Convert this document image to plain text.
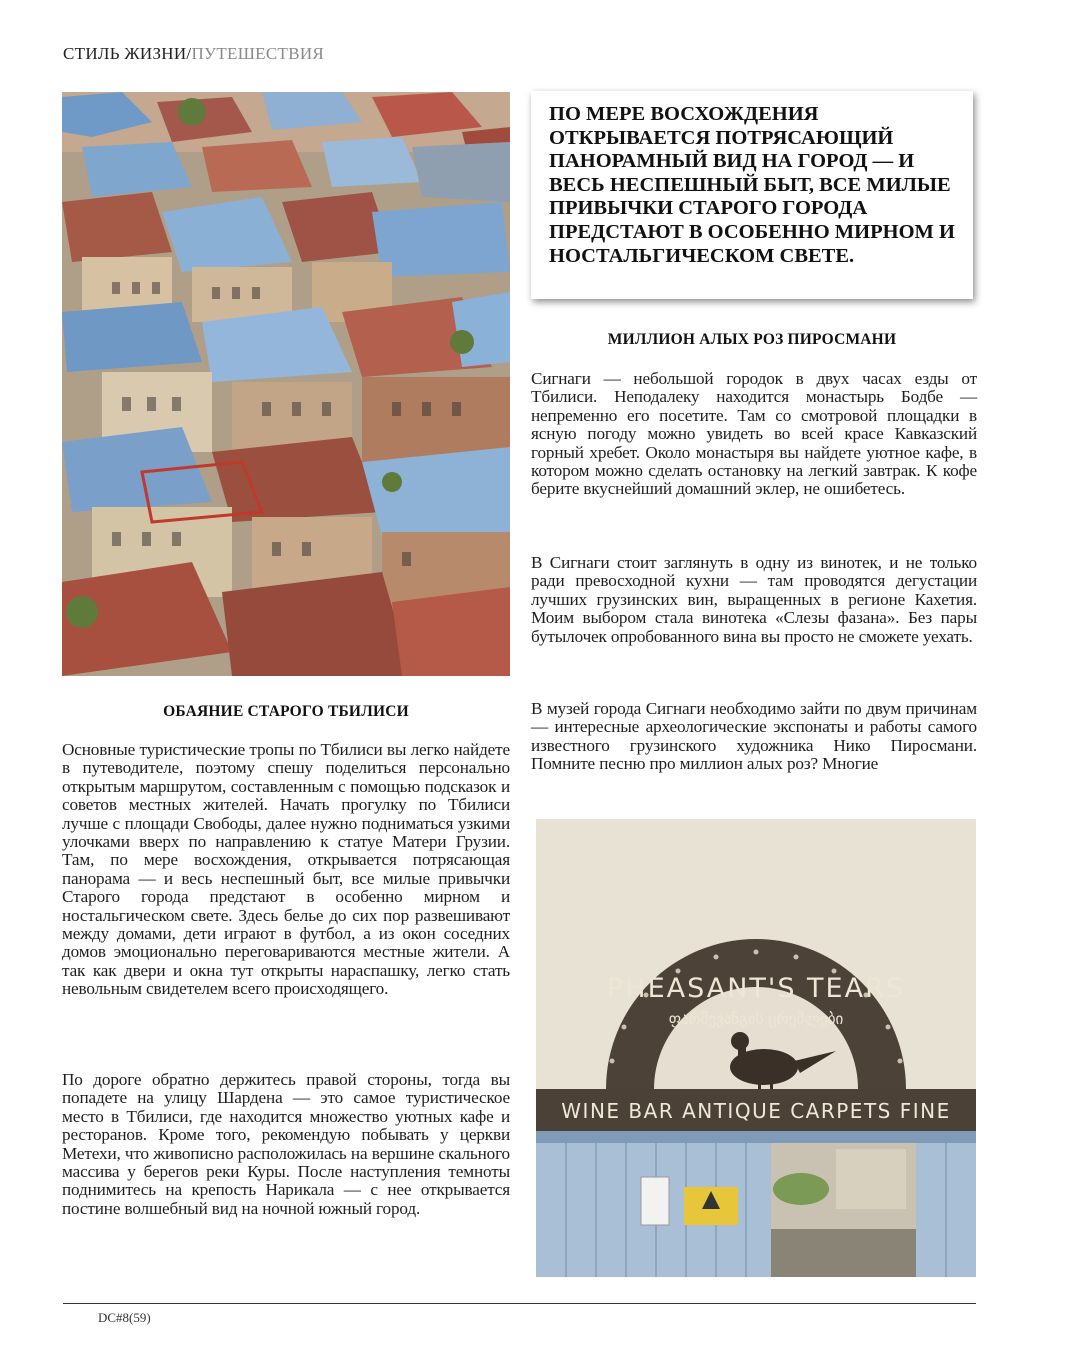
СТИЛЬ ЖИЗНИ/ПУТЕШЕСТВИЯ
ПО МЕРЕ ВОСХОЖДЕНИЯ ОТКРЫВАЕТСЯ ПОТРЯСАЮЩИЙ ПАНОРАМНЫЙ ВИД НА ГОРОД — И ВЕСЬ НЕСПЕШНЫЙ БЫТ, ВСЕ МИЛЫЕ ПРИВЫЧКИ СТАРОГО ГОРОДА ПРЕДСТАЮТ В ОСОБЕННО МИРНОМ И НОСТАЛЬГИЧЕСКОМ СВЕТЕ.
МИЛЛИОН АЛЫХ РОЗ ПИРОСМАНИ

Сигнаги — небольшой городок в двух часах езды от Тбилиси. Неподалеку находится монастырь Бодбе — непременно его посетите. Там со смотровой площадки в ясную погоду можно увидеть во всей красе Кавказский горный хребет. Около монастыря вы найдете уютное кафе, в котором можно сделать остановку на легкий завтрак. К кофе берите вкуснейший домашний эклер, не ошибетесь.

В Сигнаги стоит заглянуть в одну из винотек, и не только ради превосходной кухни — там проводятся дегустации лучших грузинских вин, выращенных в регионе Кахетия. Моим выбором стала винотека «Слезы фазана». Без пары бутылочек опробованного вина вы просто не сможете уехать.

В музей города Сигнаги необходимо зайти по двум причинам — интересные археологические экспонаты и работы самого известного грузинского художника Нико Пиросмани. Помните песню про миллион алых роз? Многие

ОБАЯНИЕ СТАРОГО ТБИЛИСИ

Основные туристические тропы по Тбилиси вы легко найдете в путеводителе, поэтому спешу поделиться персонально открытым маршрутом, составленным с помощью подсказок и советов местных жителей. Начать прогулку по Тбилиси лучше с площади Свободы, далее нужно подниматься узкими улочками вверх по направлению к статуе Матери Грузии. Там, по мере восхождения, открывается потрясающая панорама — и весь неспешный быт, все милые привычки Старого города предстают в особенно мирном и ностальгическом свете. Здесь белье до сих пор развешивают между домами, дети играют в футбол, а из окон соседних домов эмоционально переговариваются местные жители. А так как двери и окна тут открыты нараспашку, легко стать невольным свидетелем всего происходящего.

По дороге обратно держитесь правой стороны, тогда вы попадете на улицу Шардена — это самое туристическое место в Тбилиси, где находится множество уютных кафе и ресторанов. Кроме того, рекомендую побывать у церкви Метехи, что живописно расположилась на вершине скального массива у берегов реки Куры. После наступления темноты поднимитесь на крепость Нарикала — с нее открывается постине волшебный вид на ночной южный город.

PHEASANT'S TEARS
ფარშევანგის ცრემლები
WINE BAR ANTIQUE CARPETS FINE
DC#8(59)
